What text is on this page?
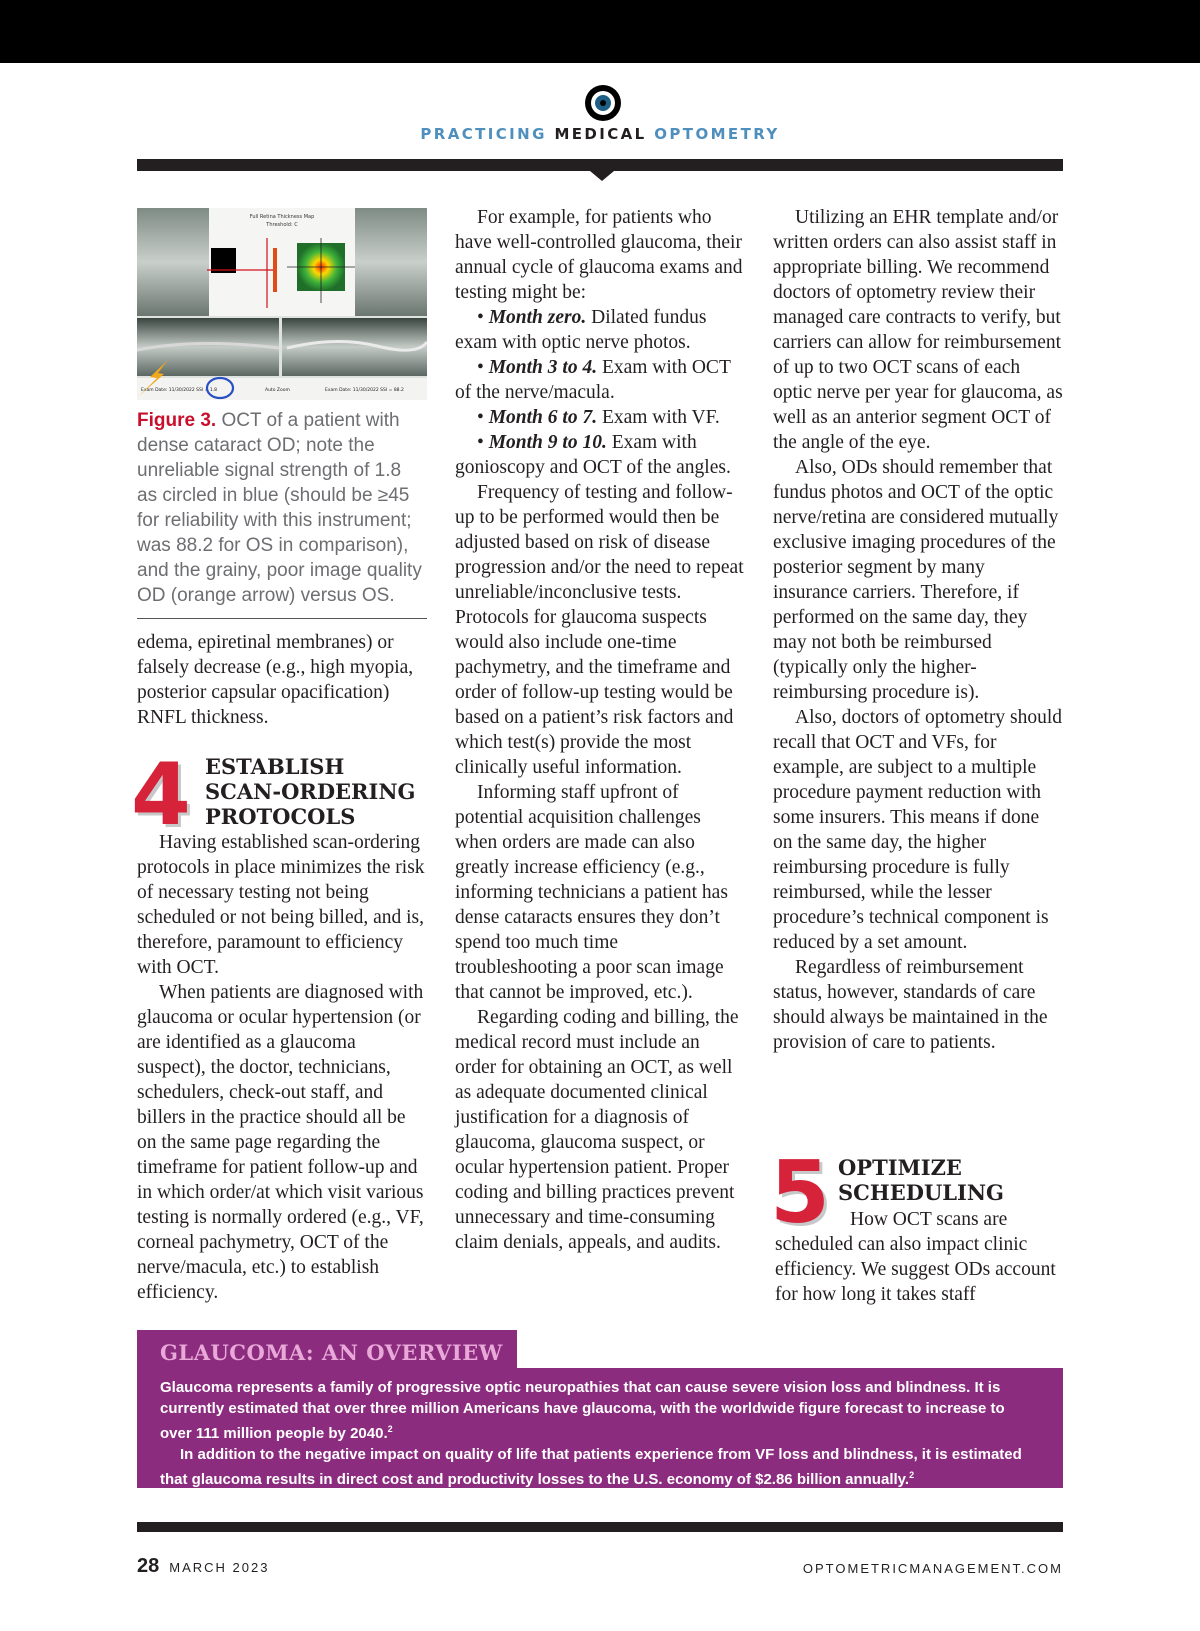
PRACTICING MEDICAL OPTOMETRY
Full Retina Thickness Map
Threshold: C
Exam Date: 11/30/2022 SSI = 1.8	Auto Zoom	Exam Date: 11/30/2022 SSI = 88.2
Figure 3. OCT of a patient with dense cataract OD; note the unreliable signal strength of 1.8 as circled in blue (should be ≥45 for reliability with this instrument; was 88.2 for OS in comparison), and the grainy, poor image quality OD (orange arrow) versus OS.

edema, epiretinal membranes) or falsely decrease (e.g., high myopia, posterior capsular opacification) RNFL thickness.

4 ESTABLISH
SCAN-ORDERING
PROTOCOLS

Having established scan-ordering protocols in place minimizes the risk of necessary testing not being scheduled or not being billed, and is, therefore, paramount to efficiency with OCT.

When patients are diagnosed with glaucoma or ocular hypertension (or are identified as a glaucoma suspect), the doctor, technicians, schedulers, check-out staff, and billers in the practice should all be on the same page regarding the timeframe for patient follow-up and in which order/at which visit various testing is normally ordered (e.g., VF, corneal pachymetry, OCT of the nerve/macula, etc.) to establish efficiency.

For example, for patients who have well-controlled glaucoma, their annual cycle of glaucoma exams and testing might be:

• Month zero. Dilated fundus exam with optic nerve photos.

• Month 3 to 4. Exam with OCT of the nerve/macula.

• Month 6 to 7. Exam with VF.

• Month 9 to 10. Exam with gonioscopy and OCT of the angles.

Frequency of testing and follow-up to be performed would then be adjusted based on risk of disease progression and/or the need to repeat unreliable/inconclusive tests. Protocols for glaucoma suspects would also include one-time pachymetry, and the timeframe and order of follow-up testing would be based on a patient’s risk factors and which test(s) provide the most clinically useful information.

Informing staff upfront of potential acquisition challenges when orders are made can also greatly increase efficiency (e.g., informing technicians a patient has dense cataracts ensures they don’t spend too much time troubleshooting a poor scan image that cannot be improved, etc.).

Regarding coding and billing, the medical record must include an order for obtaining an OCT, as well as adequate documented clinical justification for a diagnosis of glaucoma, glaucoma suspect, or ocular hypertension patient. Proper coding and billing practices prevent unnecessary and time-consuming claim denials, appeals, and audits.

Utilizing an EHR template and/or written orders can also assist staff in appropriate billing. We recommend doctors of optometry review their managed care contracts to verify, but carriers can allow for reimbursement of up to two OCT scans of each optic nerve per year for glaucoma, as well as an anterior segment OCT of the angle of the eye.

Also, ODs should remember that fundus photos and OCT of the optic nerve/retina are considered mutually exclusive imaging procedures of the posterior segment by many insurance carriers. Therefore, if performed on the same day, they may not both be reimbursed (typically only the higher-reimbursing procedure is).

Also, doctors of optometry should recall that OCT and VFs, for example, are subject to a multiple procedure payment reduction with some insurers. This means if done on the same day, the higher reimbursing procedure is fully reimbursed, while the lesser procedure’s technical component is reduced by a set amount.

Regardless of reimbursement status, however, standards of care should always be maintained in the provision of care to patients.

5 OPTIMIZE
SCHEDULING

How OCT scans are scheduled can also impact clinic efficiency. We suggest ODs account for how long it takes staff

GLAUCOMA: AN OVERVIEW

Glaucoma represents a family of progressive optic neuropathies that can cause severe vision loss and blindness. It is currently estimated that over three million Americans have glaucoma, with the worldwide figure forecast to increase to over 111 million people by 2040.$^2$

In addition to the negative impact on quality of life that patients experience from VF loss and blindness, it is estimated that glaucoma results in direct cost and productivity losses to the U.S. economy of $2.86 billion annually.$^2$

28 MARCH 2023	OPTOMETRICMANAGEMENT.COM
